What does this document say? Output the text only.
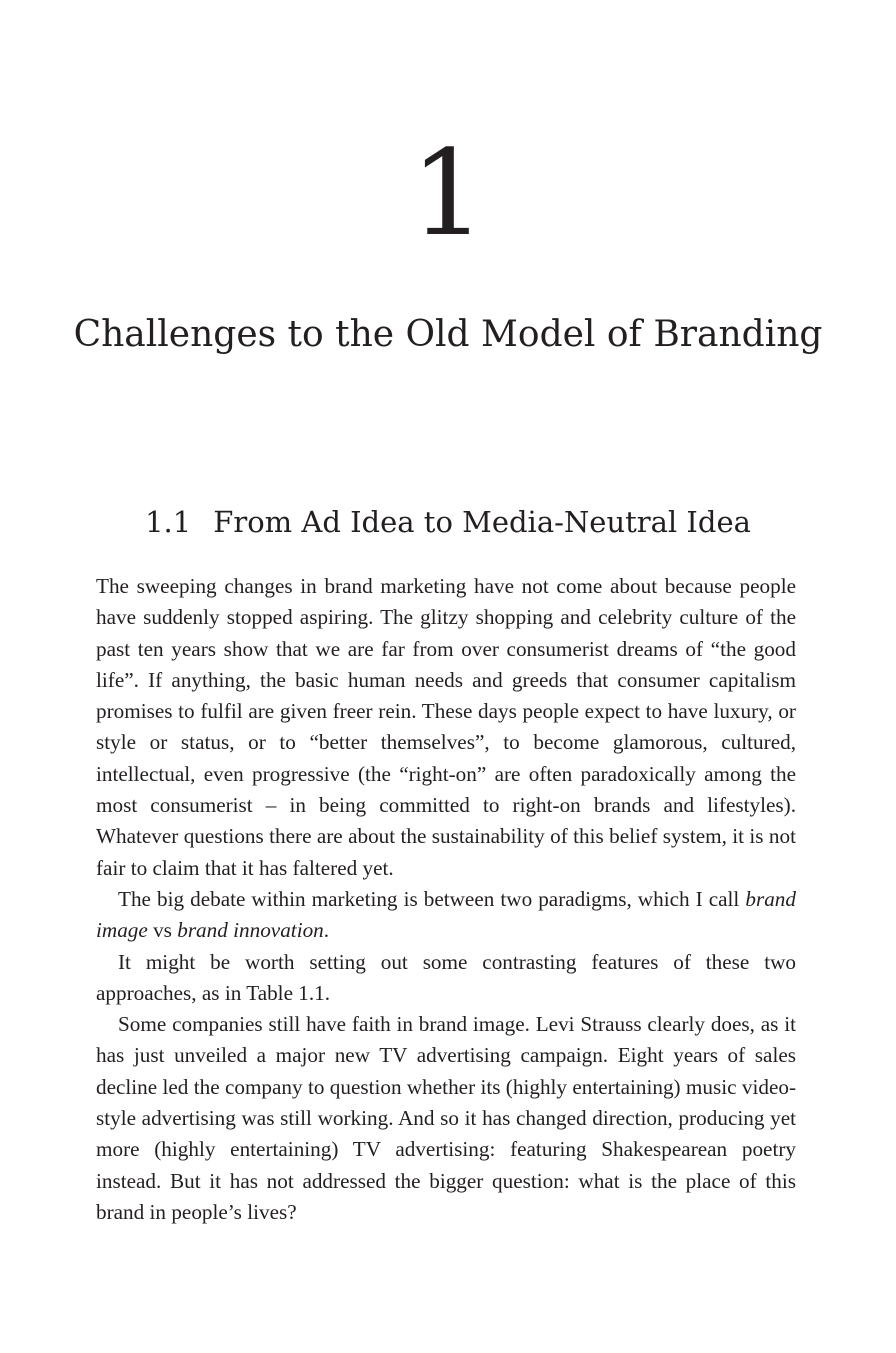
1
Challenges to the Old Model of Branding
1.1 From Ad Idea to Media-Neutral Idea

The sweeping changes in brand marketing have not come about because people have suddenly stopped aspiring. The glitzy shopping and celebrity culture of the past ten years show that we are far from over consumerist dreams of “the good life”. If anything, the basic human needs and greeds that consumer capitalism promises to fulfil are given freer rein. These days people expect to have luxury, or style or status, or to “better themselves”, to become glamorous, cultured, intellectual, even progressive (the “right-on” are often paradoxically among the most consumerist – in being committed to right-on brands and lifestyles). Whatever questions there are about the sustainability of this belief system, it is not fair to claim that it has faltered yet.

The big debate within marketing is between two paradigms, which I call brand image vs brand innovation.

It might be worth setting out some contrasting features of these two approaches, as in Table 1.1.

Some companies still have faith in brand image. Levi Strauss clearly does, as it has just unveiled a major new TV advertising campaign. Eight years of sales decline led the company to question whether its (highly entertaining) music video-style advertising was still working. And so it has changed direction, producing yet more (highly entertaining) TV advertising: featuring Shakespearean poetry instead. But it has not addressed the bigger question: what is the place of this brand in people’s lives?
